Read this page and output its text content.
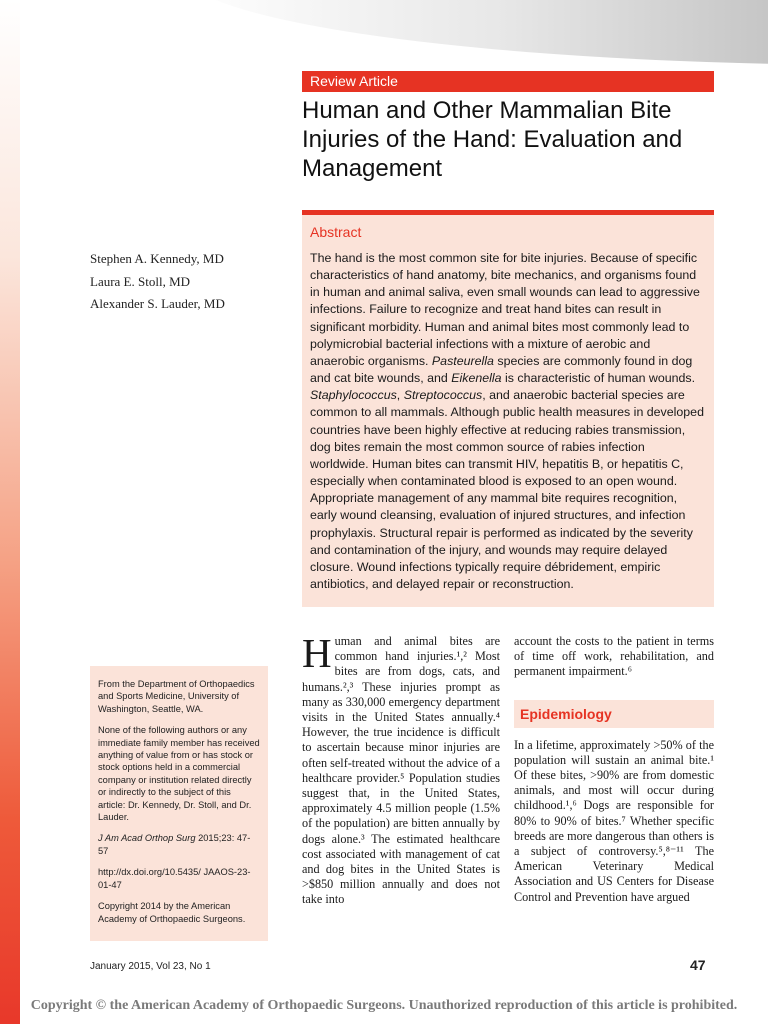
Review Article
Human and Other Mammalian Bite Injuries of the Hand: Evaluation and Management
Stephen A. Kennedy, MD
Laura E. Stoll, MD
Alexander S. Lauder, MD
Abstract

The hand is the most common site for bite injuries. Because of specific characteristics of hand anatomy, bite mechanics, and organisms found in human and animal saliva, even small wounds can lead to aggressive infections. Failure to recognize and treat hand bites can result in significant morbidity. Human and animal bites most commonly lead to polymicrobial bacterial infections with a mixture of aerobic and anaerobic organisms. Pasteurella species are commonly found in dog and cat bite wounds, and Eikenella is characteristic of human wounds. Staphylococcus, Streptococcus, and anaerobic bacterial species are common to all mammals. Although public health measures in developed countries have been highly effective at reducing rabies transmission, dog bites remain the most common source of rabies infection worldwide. Human bites can transmit HIV, hepatitis B, or hepatitis C, especially when contaminated blood is exposed to an open wound. Appropriate management of any mammal bite requires recognition, early wound cleansing, evaluation of injured structures, and infection prophylaxis. Structural repair is performed as indicated by the severity and contamination of the injury, and wounds may require delayed closure. Wound infections typically require débridement, empiric antibiotics, and delayed repair or reconstruction.

From the Department of Orthopaedics and Sports Medicine, University of Washington, Seattle, WA.

None of the following authors or any immediate family member has received anything of value from or has stock or stock options held in a commercial company or institution related directly or indirectly to the subject of this article: Dr. Kennedy, Dr. Stoll, and Dr. Lauder.

J Am Acad Orthop Surg 2015;23: 47-57

http://dx.doi.org/10.5435/ JAAOS-23-01-47

Copyright 2014 by the American Academy of Orthopaedic Surgeons.

Human and animal bites are common hand injuries.¹,² Most bites are from dogs, cats, and humans.²,³ These injuries prompt as many as 330,000 emergency department visits in the United States annually.⁴ However, the true incidence is difficult to ascertain because minor injuries are often self-treated without the advice of a healthcare provider.⁵ Population studies suggest that, in the United States, approximately 4.5 million people (1.5% of the population) are bitten annually by dogs alone.³ The estimated healthcare cost associated with management of cat and dog bites in the United States is >$850 million annually and does not take into

account the costs to the patient in terms of time off work, rehabilitation, and permanent impairment.⁶

Epidemiology

In a lifetime, approximately >50% of the population will sustain an animal bite.¹ Of these bites, >90% are from domestic animals, and most will occur during childhood.¹,⁶ Dogs are responsible for 80% to 90% of bites.⁷ Whether specific breeds are more dangerous than others is a subject of controversy.⁵,⁸⁻¹¹ The American Veterinary Medical Association and US Centers for Disease Control and Prevention have argued

January 2015, Vol 23, No 1	47
Copyright © the American Academy of Orthopaedic Surgeons. Unauthorized reproduction of this article is prohibited.
